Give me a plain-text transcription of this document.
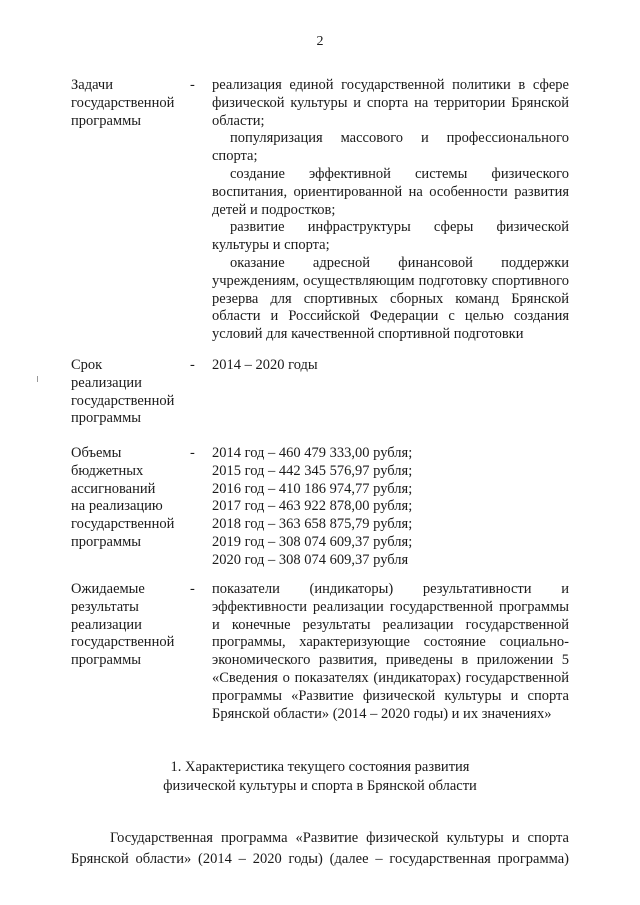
2
Задачи
государственной
программы
- реализация единой государственной политики в сфере физической культуры и спорта на территории Брянской области;

популяризация массового и профессионального спорта;

создание эффективной системы физического воспитания, ориентированной на особенности развития детей и подростков;

развитие инфраструктуры сферы физической культуры и спорта;

оказание адресной финансовой поддержки учреждениям, осуществляющим подготовку спортивного резерва для спортивных сборных команд Брянской области и Российской Федерации с целью создания условий для качественной спортивной подготовки

Срок
реализации
государственной
программы
- 2014 – 2020 годы
Объемы
бюджетных
ассигнований
на реализацию
государственной
программы
- 2014 год – 460 479 333,00 рубля;
2015 год – 442 345 576,97 рубля;
2016 год – 410 186 974,77 рубля;
2017 год – 463 922 878,00 рубля;
2018 год – 363 658 875,79 рубля;
2019 год – 308 074 609,37 рубля;
2020 год – 308 074 609,37 рубля
Ожидаемые
результаты
реализации
государственной
программы
- показатели (индикаторы) результативности и эффективности реализации государственной программы и конечные результаты реализации государственной программы, характеризующие состояние социально-экономического развития, приведены в приложении 5 «Сведения о показателях (индикаторах) государственной программы «Развитие физической культуры и спорта Брянской области» (2014 – 2020 годы) и их значениях»

1. Характеристика текущего состояния развития
физической культуры и спорта в Брянской области

Государственная программа «Развитие физической культуры и спорта Брянской области» (2014 – 2020 годы) (далее – государственная программа)
